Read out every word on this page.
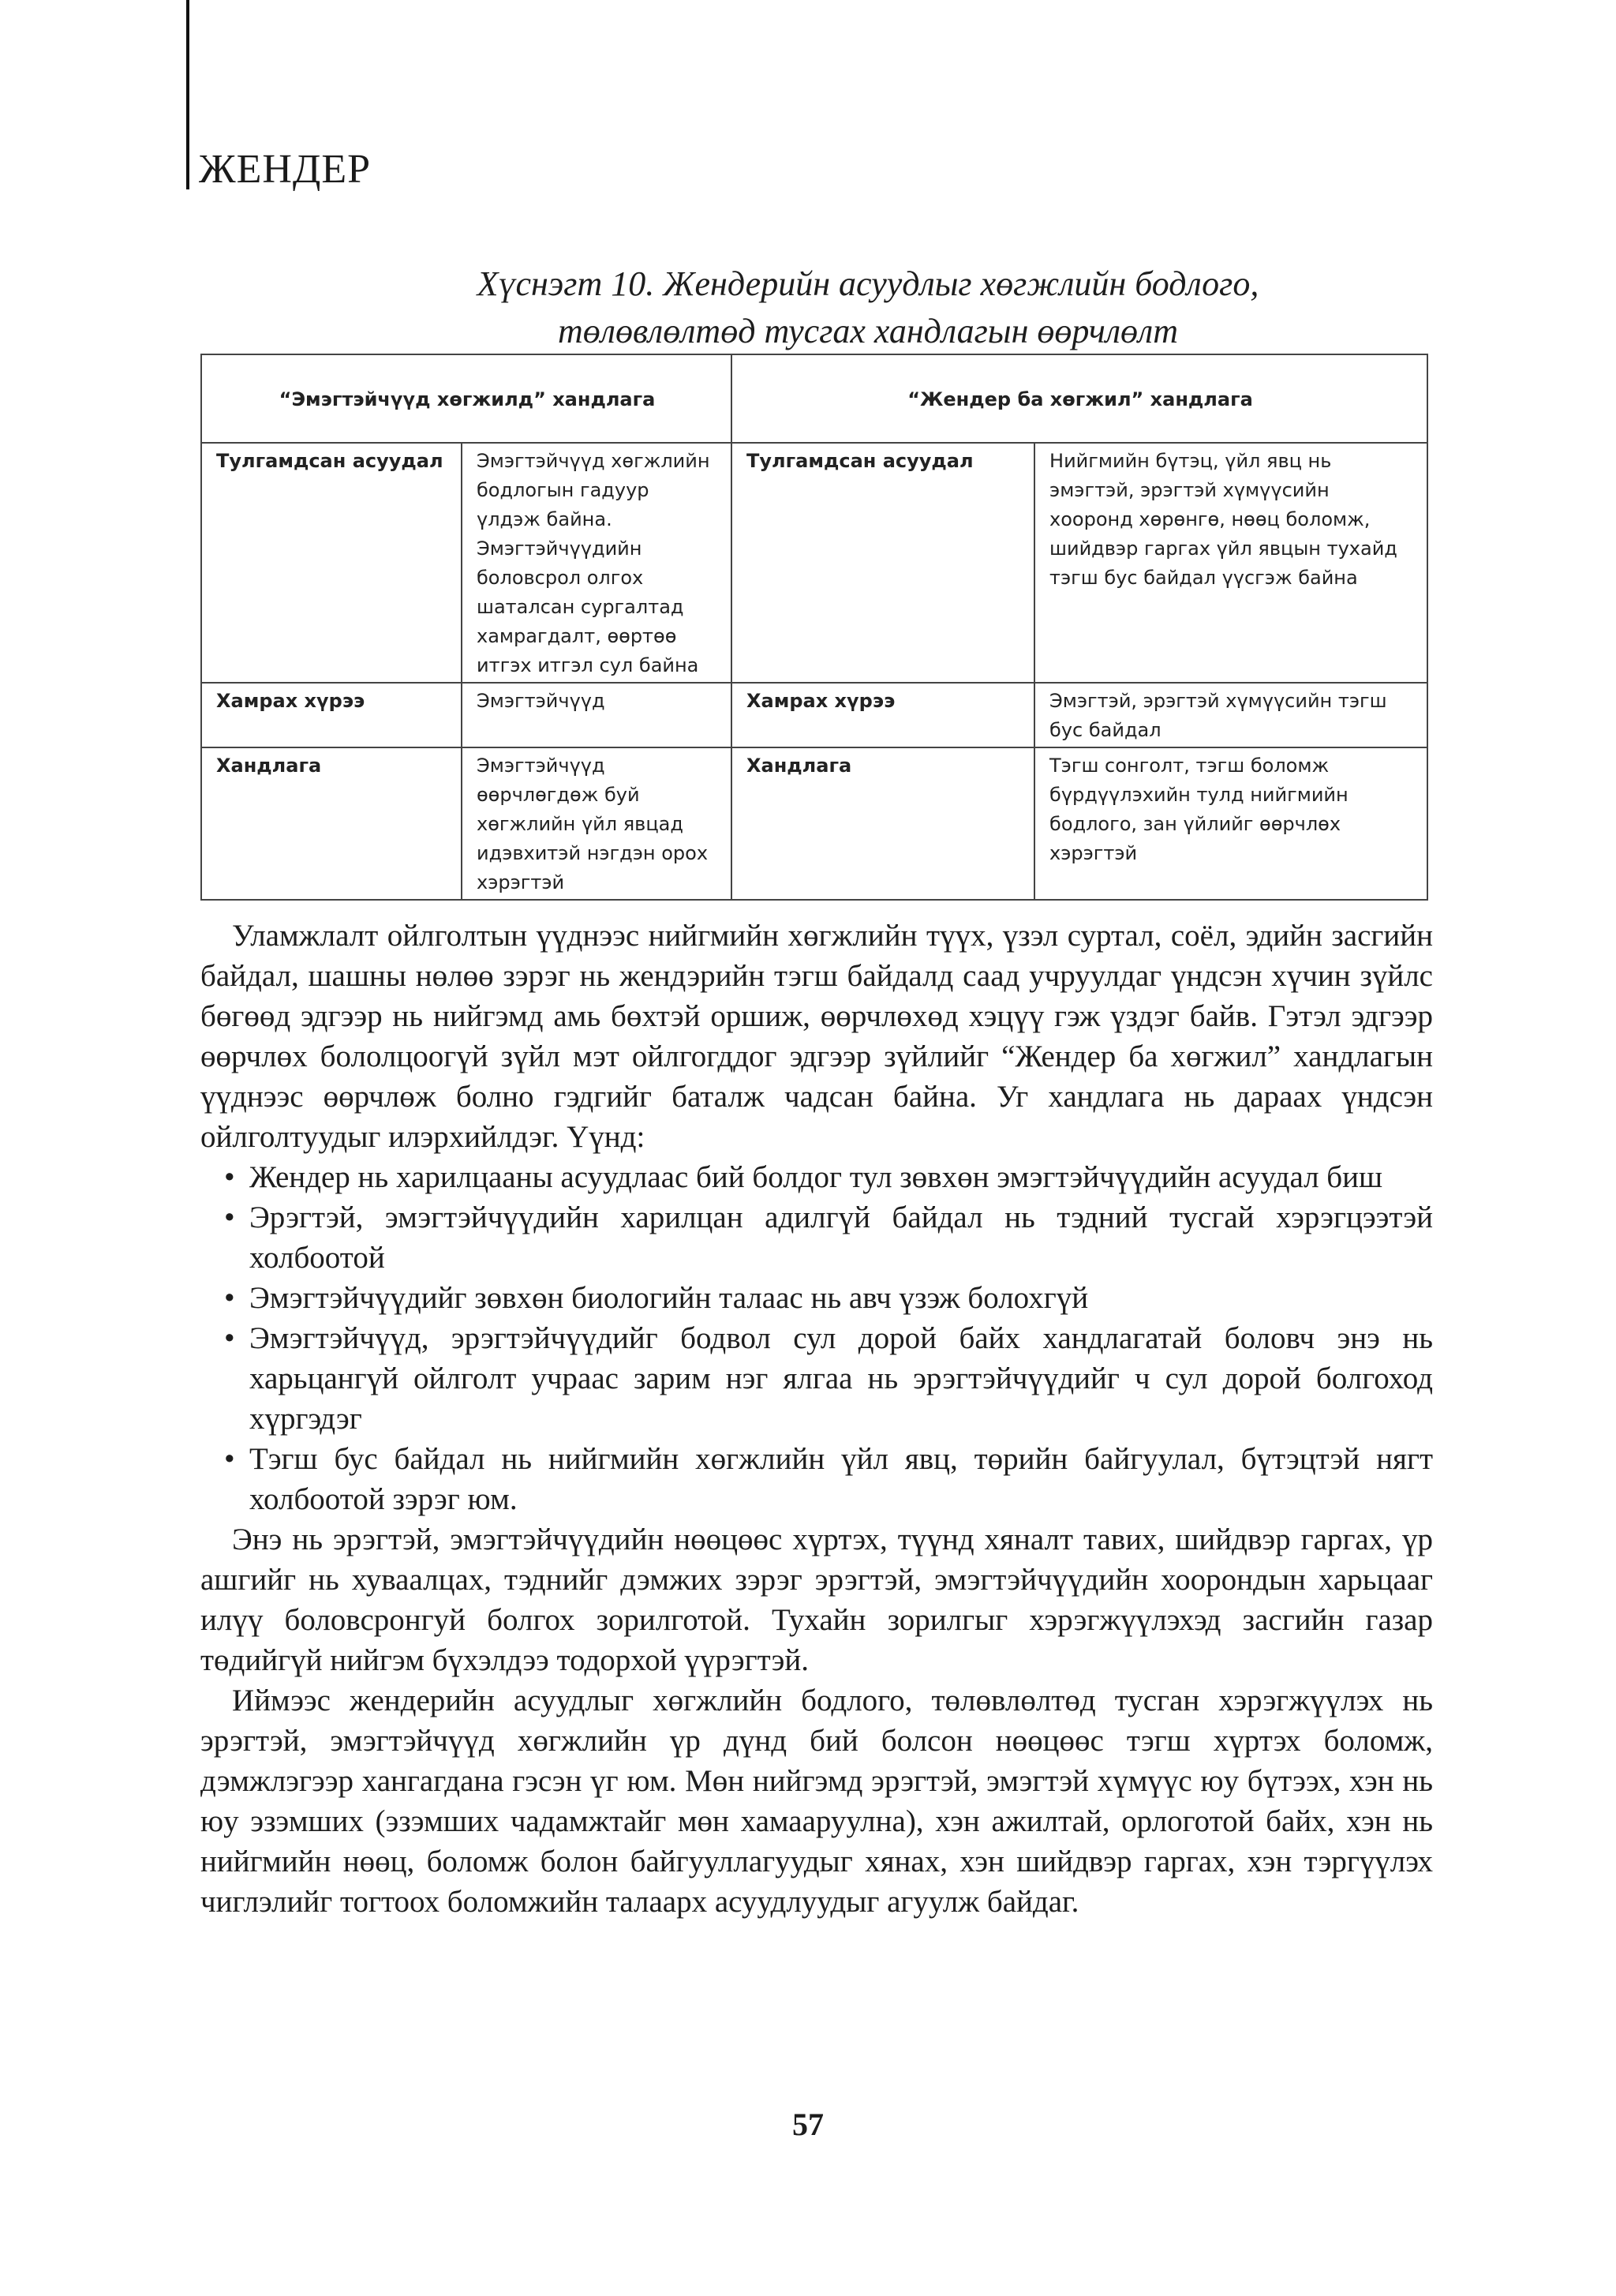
ЖЕНДЕР
Хүснэгт 10. Жендерийн асуудлыг хөгжлийн бодлого,
төлөвлөлтөд тусгах хандлагын өөрчлөлт
“Эмэгтэйчүүд хөгжилд” хандлага		“Жендер ба хөгжил” хандлага	
Тулгамдсан асуудал	Эмэгтэйчүүд хөгжлийн бодлогын гадуур үлдэж байна. Эмэгтэйчүүдийн боловсрол олгох шаталсан сургалтад хамрагдалт, өөртөө итгэх итгэл сул байна	Тулгамдсан асуудал	Нийгмийн бүтэц, үйл явц нь эмэгтэй, эрэгтэй хүмүүсийн хооронд хөрөнгө, нөөц боломж, шийдвэр гаргах үйл явцын тухайд тэгш бус байдал үүсгэж байна
Хамрах хүрээ	Эмэгтэйчүүд	Хамрах хүрээ	Эмэгтэй, эрэгтэй хүмүүсийн тэгш бус байдал
Хандлага	Эмэгтэйчүүд өөрчлөгдөж буй хөгжлийн үйл явцад идэвхитэй нэгдэн орох хэрэгтэй	Хандлага	Тэгш сонголт, тэгш боломж бүрдүүлэхийн тулд нийгмийн бодлого, зан үйлийг өөрчлөх хэрэгтэй

Уламжлалт ойлголтын үүднээс нийгмийн хөгжлийн түүх, үзэл суртал, соёл, эдийн засгийн байдал, шашны нөлөө зэрэг нь жендэрийн тэгш байдалд саад учруулдаг үндсэн хүчин зүйлс бөгөөд эдгээр нь нийгэмд амь бөхтэй оршиж, өөрчлөхөд хэцүү гэж үздэг байв. Гэтэл эдгээр өөрчлөх бололцоогүй зүйл мэт ойлгогддог эдгээр зүйлийг “Жендер ба хөгжил” хандлагын үүднээс өөрчлөж болно гэдгийг баталж чадсан байна. Уг хандлага нь дараах үндсэн ойлголтуудыг илэрхийлдэг. Үүнд:

• Жендер нь харилцааны асуудлаас бий болдог тул зөвхөн эмэгтэйчүүдийн асуудал биш
• Эрэгтэй, эмэгтэйчүүдийн харилцан адилгүй байдал нь тэдний тусгай хэрэгцээтэй холбоотой
• Эмэгтэйчүүдийг зөвхөн биологийн талаас нь авч үзэж болохгүй
• Эмэгтэйчүүд, эрэгтэйчүүдийг бодвол сул дорой байх хандлагатай боловч энэ нь харьцангүй ойлголт учраас зарим нэг ялгаа нь эрэгтэйчүүдийг ч сул дорой болгоход хүргэдэг
• Тэгш бус байдал нь нийгмийн хөгжлийн үйл явц, төрийн байгуулал, бүтэцтэй нягт холбоотой зэрэг юм.

Энэ нь эрэгтэй, эмэгтэйчүүдийн нөөцөөс хүртэх, түүнд хяналт тавих, шийдвэр гаргах, үр ашгийг нь хуваалцах, тэднийг дэмжих зэрэг эрэгтэй, эмэгтэйчүүдийн хоорондын харьцааг илүү боловсронгуй болгох зорилготой. Тухайн зорилгыг хэрэгжүүлэхэд засгийн газар төдийгүй нийгэм бүхэлдээ тодорхой үүрэгтэй.

Иймээс жендерийн асуудлыг хөгжлийн бодлого, төлөвлөлтөд тусган хэрэгжүүлэх нь эрэгтэй, эмэгтэйчүүд хөгжлийн үр дүнд бий болсон нөөцөөс тэгш хүртэх боломж, дэмжлэгээр хангагдана гэсэн үг юм. Мөн нийгэмд эрэгтэй, эмэгтэй хүмүүс юу бүтээх, хэн нь юу эзэмших (эзэмших чадамжтайг мөн хамааруулна), хэн ажилтай, орлоготой байх, хэн нь нийгмийн нөөц, боломж болон байгууллагуудыг хянах, хэн шийдвэр гаргах, хэн тэргүүлэх чиглэлийг тогтоох боломжийн талаарх асуудлуудыг агуулж байдаг.

57
